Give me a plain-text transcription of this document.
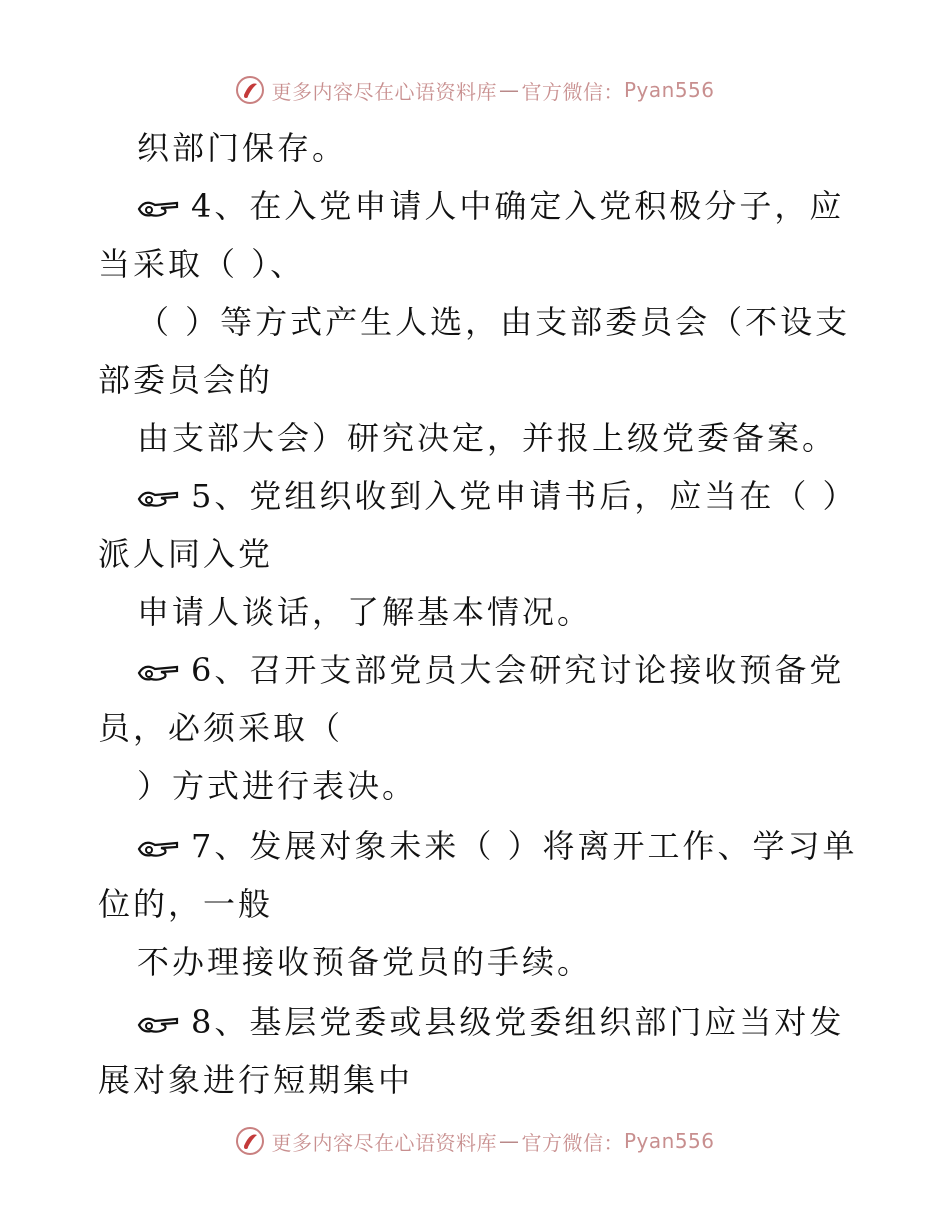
更多内容尽在心语资料库 — 官方微信： Pyan556
织部门保存。
4、在入党申请人中确定入党积极分子，应
当采取（ ）、
（ ）等方式产生人选，由支部委员会（不设支
部委员会的
由支部大会）研究决定，并报上级党委备案。
5、党组织收到入党申请书后，应当在（ ）
派人同入党
申请人谈话，了解基本情况。
6、召开支部党员大会研究讨论接收预备党
员，必须采取（
）方式进行表决。
7、发展对象未来（ ）将离开工作、学习单
位的，一般
不办理接收预备党员的手续。
8、基层党委或县级党委组织部门应当对发
展对象进行短期集中
更多内容尽在心语资料库 — 官方微信： Pyan556
